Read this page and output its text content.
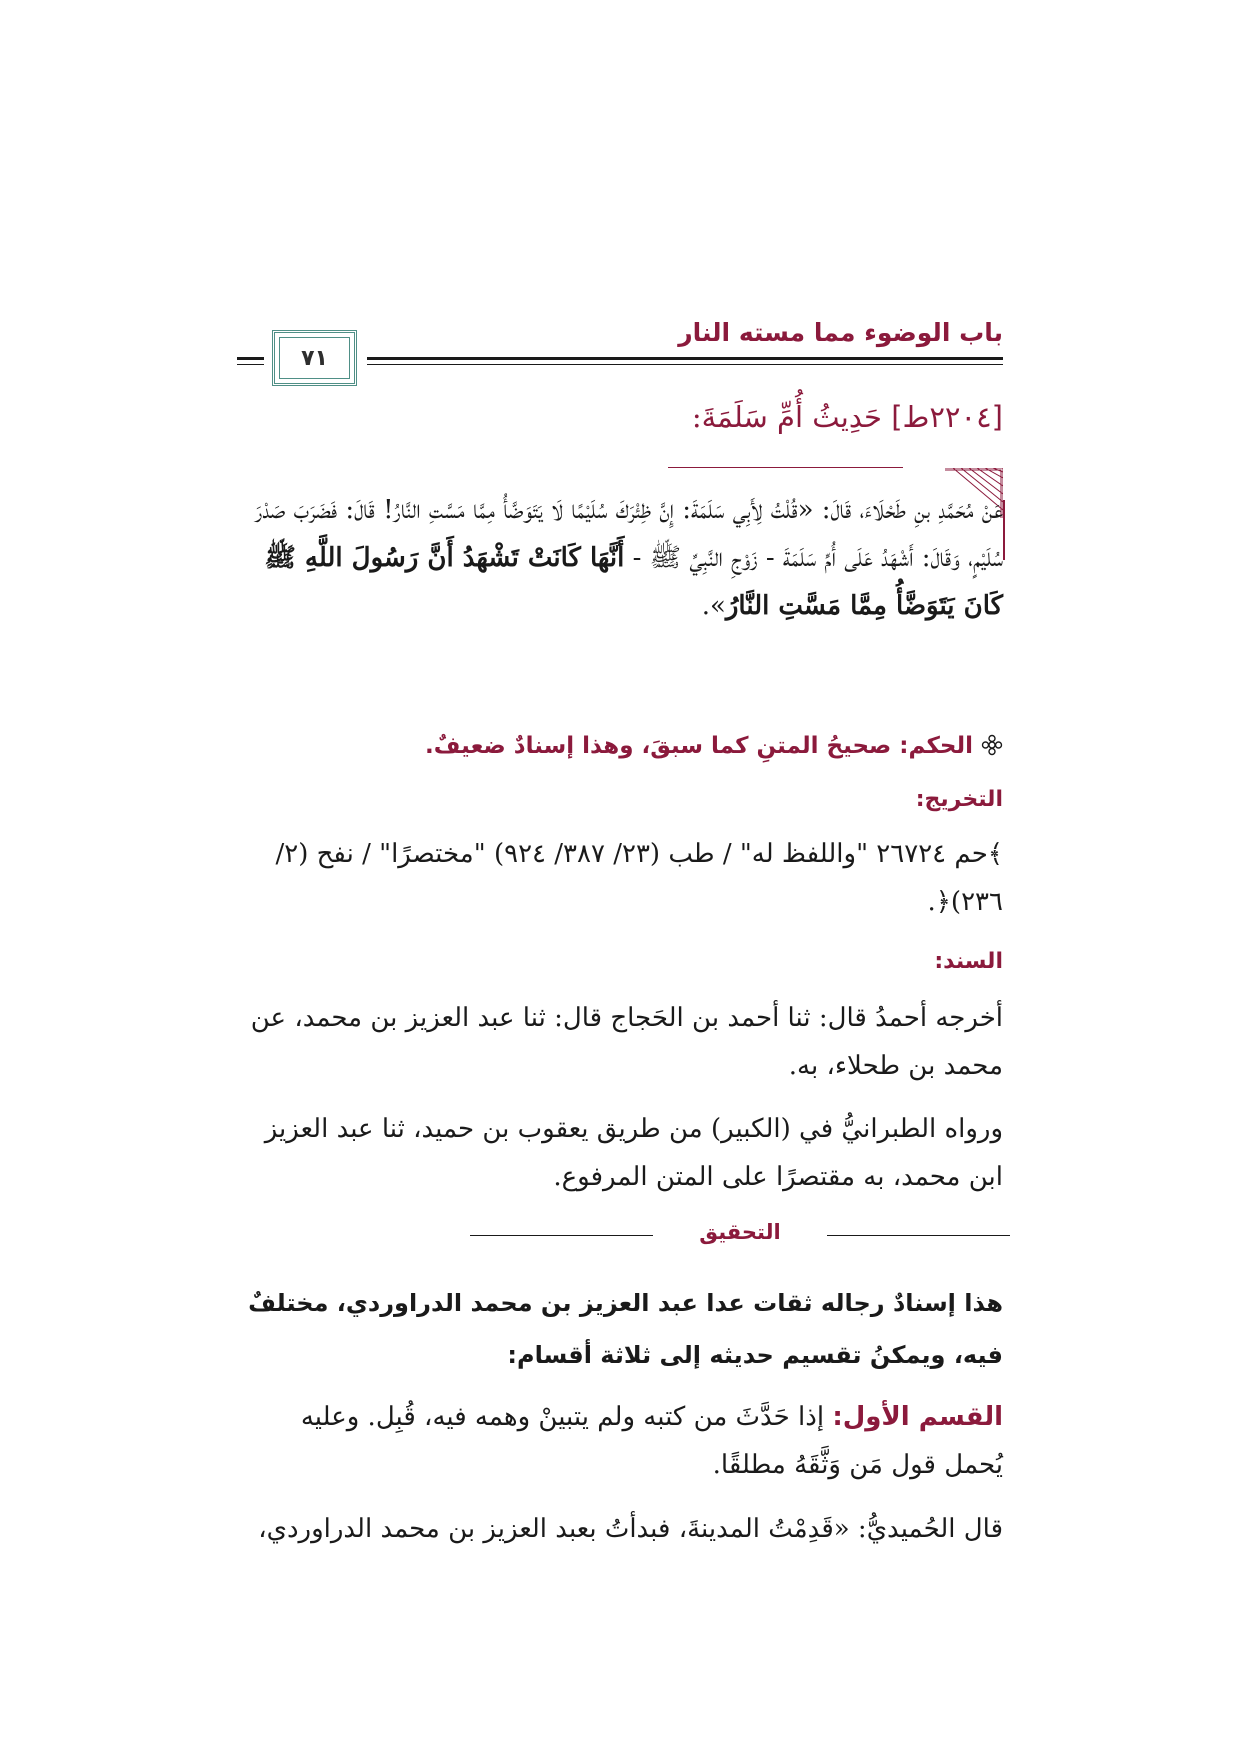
باب الوضوء مما مسته النار
٧١
[٢٢٠٤ط] حَدِيثُ أُمِّ سَلَمَةَ:
عَنْ مُحَمَّدِ بنِ طَحْلَاءَ، قَالَ: «قُلْتُ لِأَبِي سَلَمَةَ: إِنَّ ظِئْرَكَ سُلَيْمًا لَا يَتَوَضَّأُ مِمَّا مَسَّتِ النَّارُ! قَالَ: فَضَرَبَ صَدْرَ سُلَيْمٍ، وَقَالَ: أَشْهَدُ عَلَى أُمِّ سَلَمَةَ - زَوْجِ النَّبِيِّ ﷺ - أَنَّهَا كَانَتْ تَشْهَدُ أَنَّ رَسُولَ اللَّهِ ﷺ كَانَ يَتَوَضَّأُ مِمَّا مَسَّتِ النَّارُ».
الحكم: صحيحُ المتنِ كما سبقَ، وهذا إسنادٌ ضعيفٌ.
التخريج:
﴾حم ٢٦٧٢٤ "واللفظ له" / طب (٢٣/ ٣٨٧/ ٩٢٤) "مختصرًا" / نفح (٢/ ٢٣٦)﴿.
السند:
أخرجه أحمدُ قال: ثنا أحمد بن الحَجاج قال: ثنا عبد العزيز بن محمد، عن محمد بن طحلاء، به.
ورواه الطبرانيُّ في (الكبير) من طريق يعقوب بن حميد، ثنا عبد العزيز ابن محمد، به مقتصرًا على المتن المرفوع.
التحقيق
هذا إسنادٌ رجاله ثقات عدا عبد العزيز بن محمد الدراوردي، مختلفٌ فيه، ويمكنُ تقسيم حديثه إلى ثلاثة أقسام:
القسم الأول: إذا حَدَّثَ من كتبه ولم يتبينْ وهمه فيه، قُبِل. وعليه يُحمل قول مَن وَثَّقَهُ مطلقًا.
قال الحُميديُّ: «قَدِمْتُ المدينةَ، فبدأتُ بعبد العزيز بن محمد الدراوردي،
